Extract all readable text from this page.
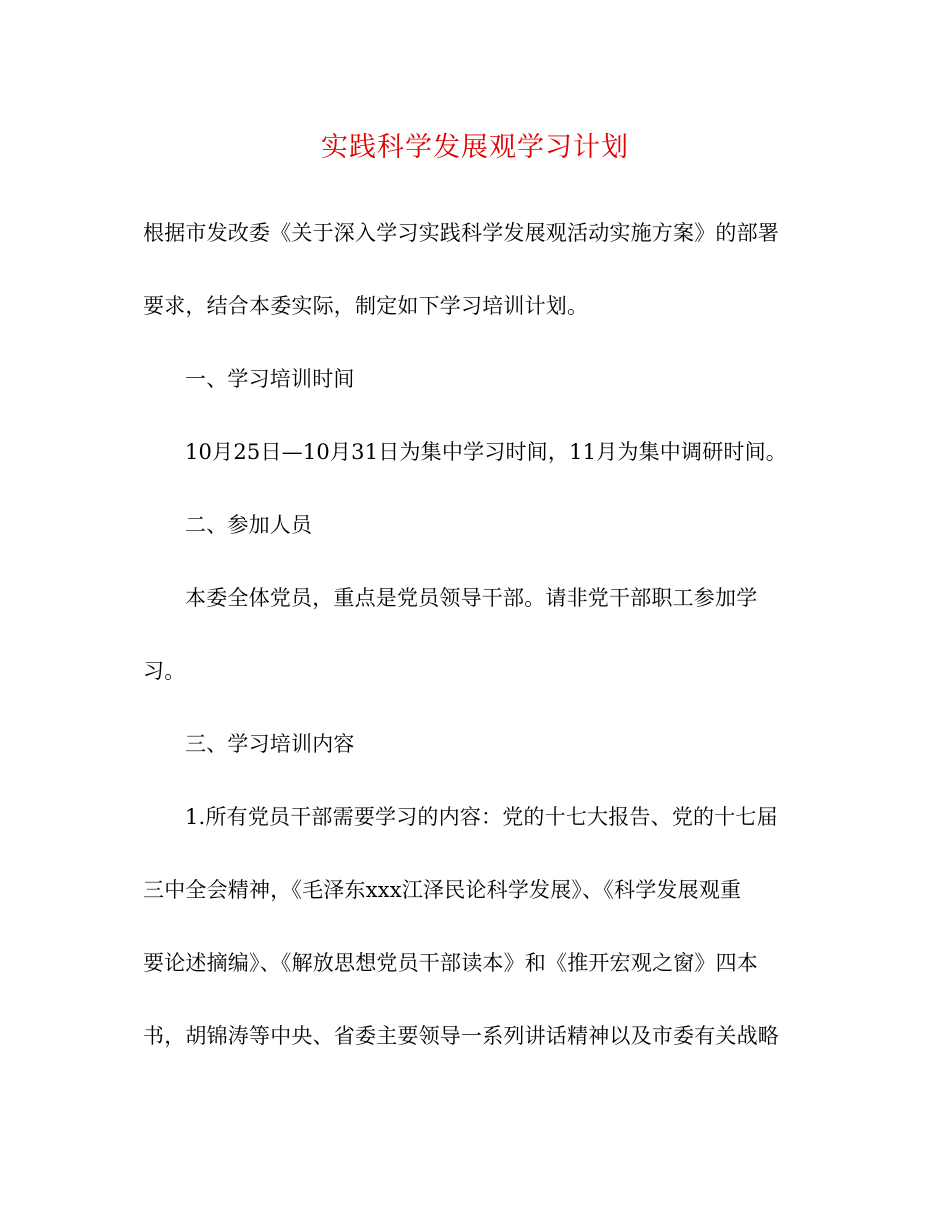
实践科学发展观学习计划
根据市发改委《关于深入学习实践科学发展观活动实施方案》的部署
要求，结合本委实际，制定如下学习培训计划。
一、学习培训时间
10月25日—10月31日为集中学习时间，11月为集中调研时间。
二、参加人员
本委全体党员，重点是党员领导干部。请非党干部职工参加学
习。
三、学习培训内容
1.所有党员干部需要学习的内容：党的十七大报告、党的十七届
三中全会精神，《毛泽东xxx江泽民论科学发展》、《科学发展观重
要论述摘编》、《解放思想党员干部读本》和《推开宏观之窗》四本
书，胡锦涛等中央、省委主要领导一系列讲话精神以及市委有关战略
